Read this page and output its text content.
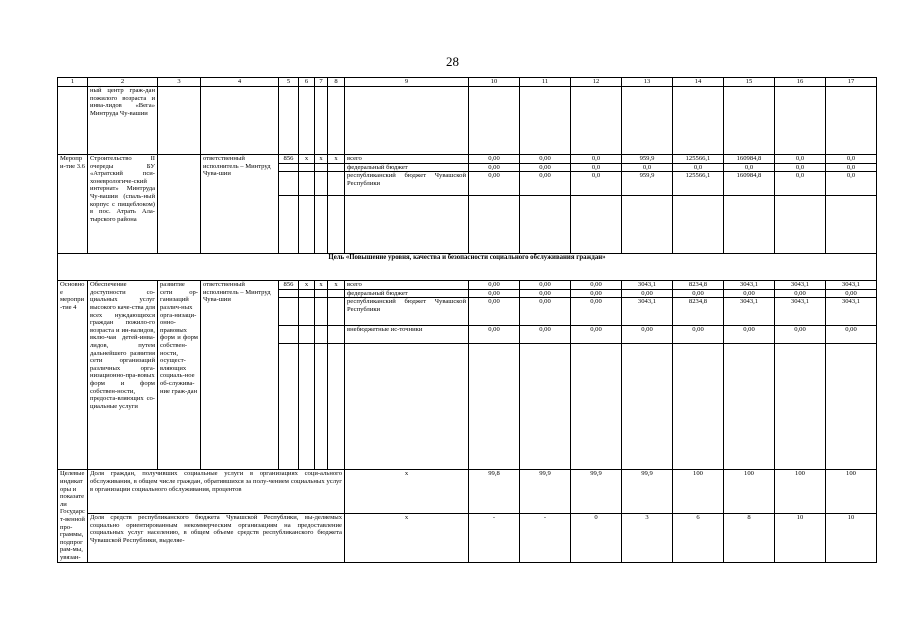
28
1	2	3	4	5	6	7	8	9	10	11	12	13	14	15	16	17
	ный центр граж-дан пожилого возраста и инва-лидов «Вега» Минтруда Чу-вашии															
Меропри-тие 3.6	Строительство II очереды БУ «Атратский пси-хоневрологиче-ский интернат» Минтруда Чу-вашии (спаль-ный корпус с пищеблоком) в пос. Атрать Ала-тырского района		ответственный исполнитель – Минтруд Чува-шии	856	x	x	x	всего	0,00	0,00	0,0	959,9	125566,1	160984,8	0,0	0,0
								федеральный бюджет	0,00	0,00	0,0	0,0	0,0	0,0	0,0	0,0
								республиканский бюджет Чувашской Республики	0,00	0,00	0,0	959,9	125566,1	160984,8	0,0	0,0

Цель «Повышение уровня, качества и безопасности социального обслуживания граждан»																
Основное меропри-тие 4	Обеспечение доступности со-циальных услуг высокого каче-ства для всех нуждающихся граждан пожило-го возраста и ин-валидов, вклю-чая детей-инва-лидов, путем дальнейшего развития сети организаций различных орга-низационно-пра-вовых форм и форм собствен-ности, предоста-вляющих со-циальные услуги	развитие сети ор-ганизаций различ-ных орга-низаци-онно-правовых форм и форм собствен-ности, осущест-вляющих социаль-ное об-служива-ние граж-дан	ответственный исполнитель – Минтруд Чува-шии	856	x	x	x	всего	0,00	0,00	0,00	3043,1	8234,8	3043,1	3043,1	3043,1
								федеральный бюджет	0,00	0,00	0,00	0,00	0,00	0,00	0,00	0,00
								республиканский бюджет Чувашской Республики	0,00	0,00	0,00	3043,1	8234,8	3043,1	3043,1	3043,1
								внебюджетные ис-точники	0,00	0,00	0,00	0,00	0,00	0,00	0,00	0,00

Целевые индикаторы и показатели Государст-венной про-граммы, подпрограм-мы, увязан-	Доля граждан, получивших социальные услуги в организациях соци-ального обслуживания, в общем числе граждан, обратившихся за полу-чением социальных услуг в организации социального обслуживания, процентов							x	99,8	99,9	99,9	99,9	100	100	100	100
	Доля средств республиканского бюджета Чувашской Республики, вы-деляемых социально ориентированным некоммерческим организациям на предоставление социальных услуг населению, в общем объеме средств республиканского бюджета Чувашской Республики, выделяе-							x	-	-	0	3	6	8	10	10
